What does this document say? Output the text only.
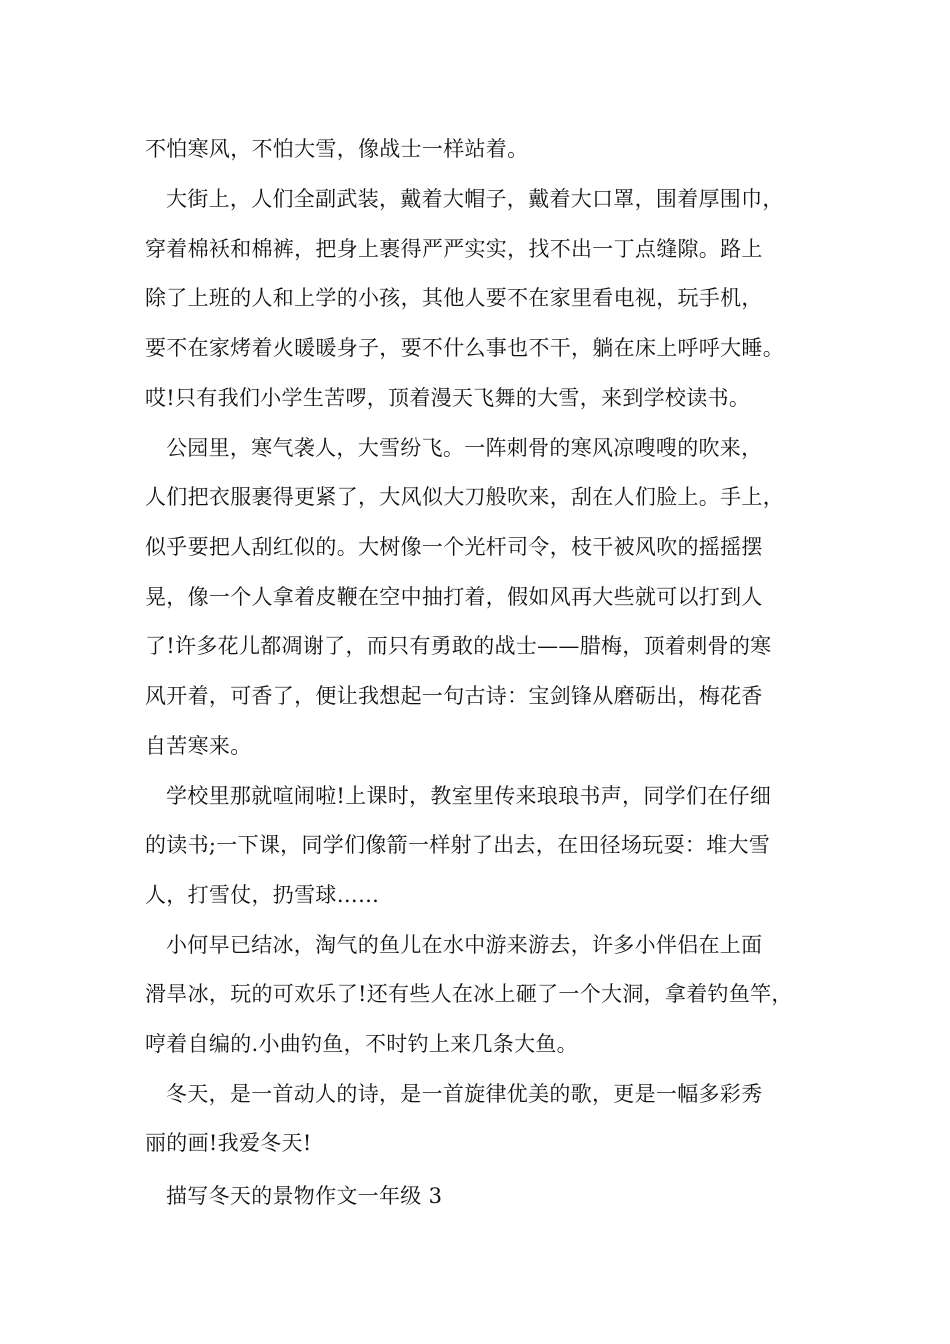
不怕寒风，不怕大雪，像战士一样站着。
大街上，人们全副武装，戴着大帽子，戴着大口罩，围着厚围巾，
穿着棉袄和棉裤，把身上裹得严严实实，找不出一丁点缝隙。路上
除了上班的人和上学的小孩，其他人要不在家里看电视，玩手机，
要不在家烤着火暖暖身子，要不什么事也不干，躺在床上呼呼大睡。
哎!只有我们小学生苦啰，顶着漫天飞舞的大雪，来到学校读书。
公园里，寒气袭人，大雪纷飞。一阵刺骨的寒风凉嗖嗖的吹来，
人们把衣服裹得更紧了，大风似大刀般吹来，刮在人们脸上。手上，
似乎要把人刮红似的。大树像一个光杆司令，枝干被风吹的摇摇摆
晃，像一个人拿着皮鞭在空中抽打着，假如风再大些就可以打到人
了!许多花儿都凋谢了，而只有勇敢的战士——腊梅，顶着刺骨的寒
风开着，可香了，便让我想起一句古诗：宝剑锋从磨砺出，梅花香
自苦寒来。
学校里那就喧闹啦!上课时，教室里传来琅琅书声，同学们在仔细
的读书;一下课，同学们像箭一样射了出去，在田径场玩耍：堆大雪
人，打雪仗，扔雪球……
小何早已结冰，淘气的鱼儿在水中游来游去，许多小伴侣在上面
滑旱冰，玩的可欢乐了!还有些人在冰上砸了一个大洞，拿着钓鱼竿，
哼着自编的.小曲钓鱼，不时钓上来几条大鱼。
冬天，是一首动人的诗，是一首旋律优美的歌，更是一幅多彩秀
丽的画!我爱冬天!
描写冬天的景物作文一年级 3
